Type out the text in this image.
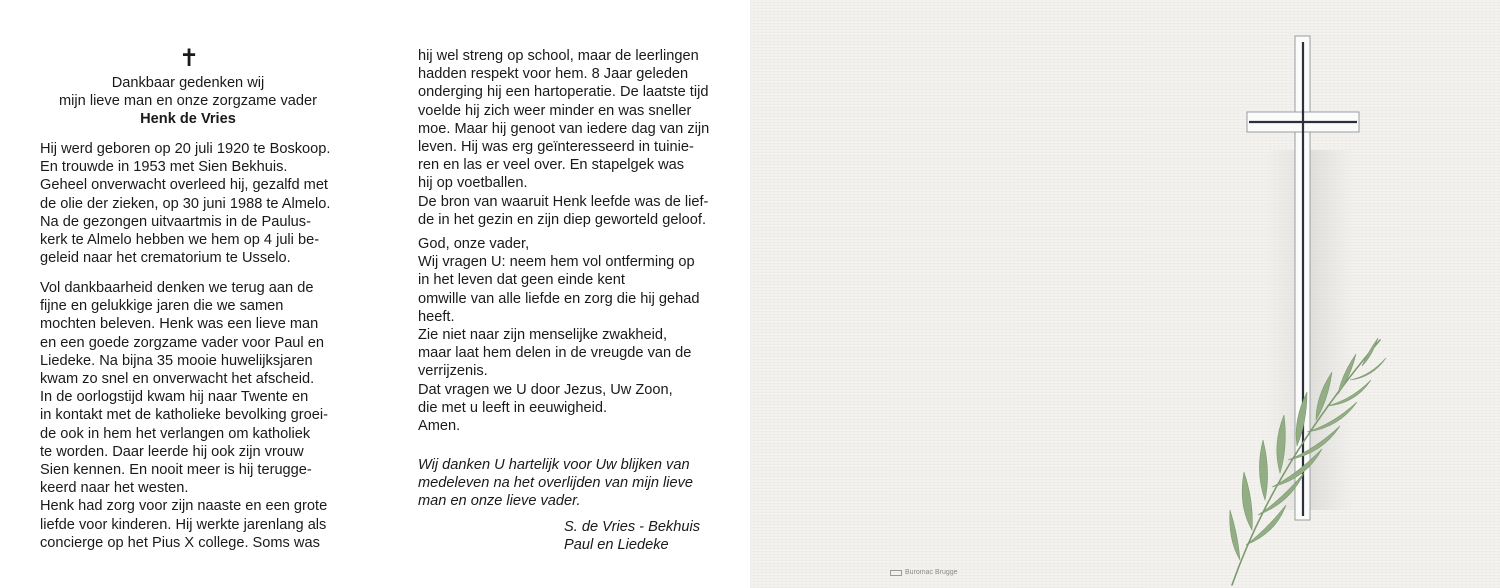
✝
Dankbaar gedenken wij
mijn lieve man en onze zorgzame vader
Henk de Vries
Hij werd geboren op 20 juli 1920 te Boskoop.
En trouwde in 1953 met Sien Bekhuis.
Geheel onverwacht overleed hij, gezalfd met
de olie der zieken, op 30 juni 1988 te Almelo.
Na de gezongen uitvaartmis in de Paulus-
kerk te Almelo hebben we hem op 4 juli be-
geleid naar het crematorium te Usselo.
Vol dankbaarheid denken we terug aan de
fijne en gelukkige jaren die we samen
mochten beleven. Henk was een lieve man
en een goede zorgzame vader voor Paul en
Liedeke. Na bijna 35 mooie huwelijksjaren
kwam zo snel en onverwacht het afscheid.
In de oorlogstijd kwam hij naar Twente en
in kontakt met de katholieke bevolking groei-
de ook in hem het verlangen om katholiek
te worden. Daar leerde hij ook zijn vrouw
Sien kennen. En nooit meer is hij terugge-
keerd naar het westen.
Henk had zorg voor zijn naaste en een grote
liefde voor kinderen. Hij werkte jarenlang als
concierge op het Pius X college. Soms was
hij wel streng op school, maar de leerlingen
hadden respekt voor hem. 8 Jaar geleden
onderging hij een hartoperatie. De laatste tijd
voelde hij zich weer minder en was sneller
moe. Maar hij genoot van iedere dag van zijn
leven. Hij was erg geïnteresseerd in tuinie-
ren en las er veel over. En stapelgek was
hij op voetballen.
De bron van waaruit Henk leefde was de lief-
de in het gezin en zijn diep geworteld geloof.
God, onze vader,
Wij vragen U: neem hem vol ontferming op
in het leven dat geen einde kent
omwille van alle liefde en zorg die hij gehad
heeft.
Zie niet naar zijn menselijke zwakheid,
maar laat hem delen in de vreugde van de
verrijzenis.
Dat vragen we U door Jezus, Uw Zoon,
die met u leeft in eeuwigheid.
Amen.
Wij danken U hartelijk voor Uw blijken van
medeleven na het overlijden van mijn lieve
man en onze lieve vader.
S. de Vries - Bekhuis
Paul en Liedeke
Buromac Brugge
